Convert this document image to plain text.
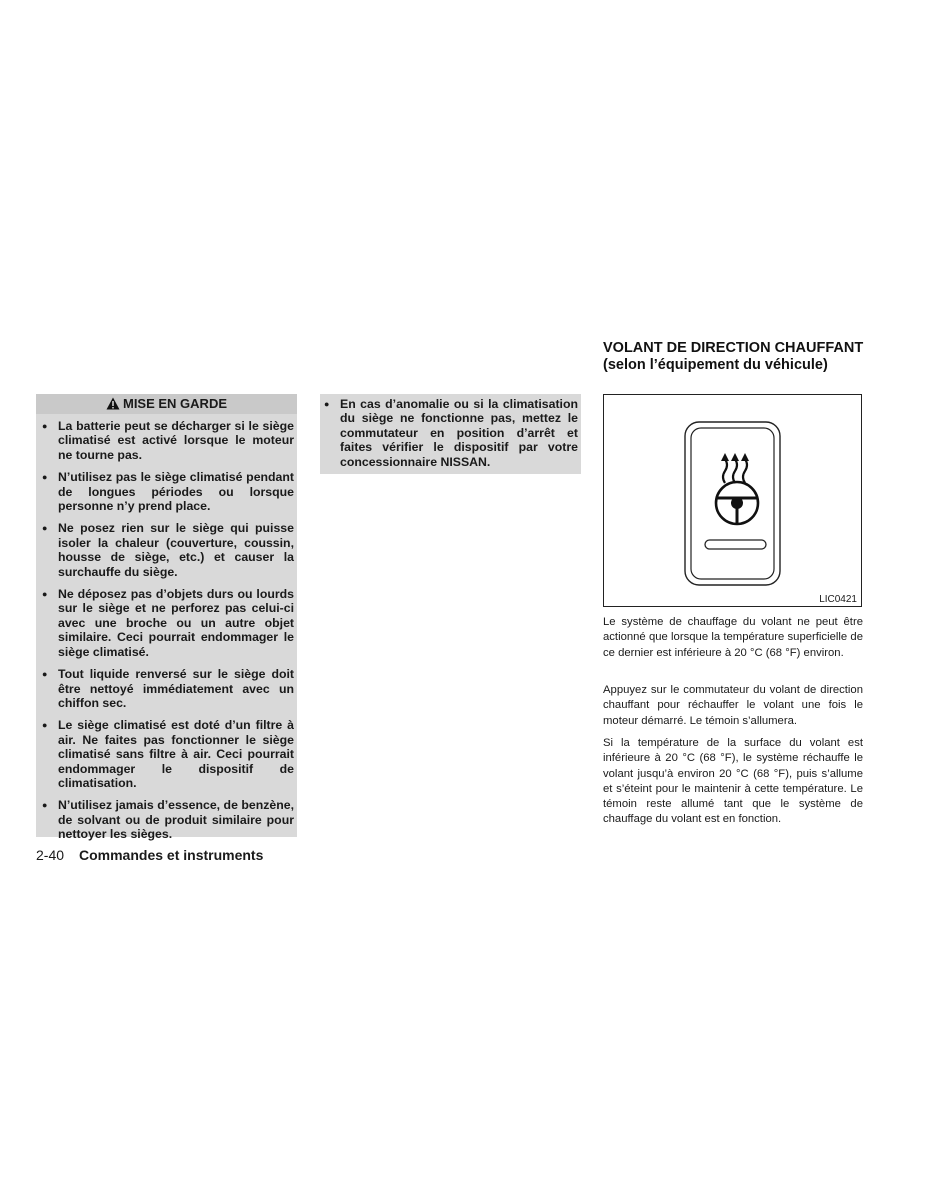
MISE EN GARDE
● La batterie peut se décharger si le siège climatisé est activé lorsque le moteur ne tourne pas.
● N’utilisez pas le siège climatisé pendant de longues périodes ou lorsque personne n’y prend place.
● Ne posez rien sur le siège qui puisse isoler la chaleur (couverture, coussin, housse de siège, etc.) et causer la surchauffe du siège.
● Ne déposez pas d’objets durs ou lourds sur le siège et ne perforez pas celui-ci avec une broche ou un autre objet similaire. Ceci pourrait endommager le siège climatisé.
● Tout liquide renversé sur le siège doit être nettoyé immédiatement avec un chiffon sec.
● Le siège climatisé est doté d’un filtre à air. Ne faites pas fonctionner le siège climatisé sans filtre à air. Ceci pourrait endommager le dispositif de climatisation.
● N’utilisez jamais d’essence, de benzène, de solvant ou de produit similaire pour nettoyer les sièges.
● En cas d’anomalie ou si la climatisation du siège ne fonctionne pas, mettez le commutateur en position d’arrêt et faites vérifier le dispositif par votre concessionnaire NISSAN.
VOLANT DE DIRECTION CHAUFFANT
(selon l’équipement du véhicule)
LIC0421

Le système de chauffage du volant ne peut être actionné que lorsque la température superficielle de ce dernier est inférieure à 20 °C (68 °F) environ.

Appuyez sur le commutateur du volant de direction chauffant pour réchauffer le volant une fois le moteur démarré. Le témoin s’allumera.

Si la température de la surface du volant est inférieure à 20 °C (68 °F), le système réchauffe le volant jusqu’à environ 20 °C (68 °F), puis s’allume et s’éteint pour le maintenir à cette température. Le témoin reste allumé tant que le système de chauffage du volant est en fonction.

2-40 Commandes et instruments
